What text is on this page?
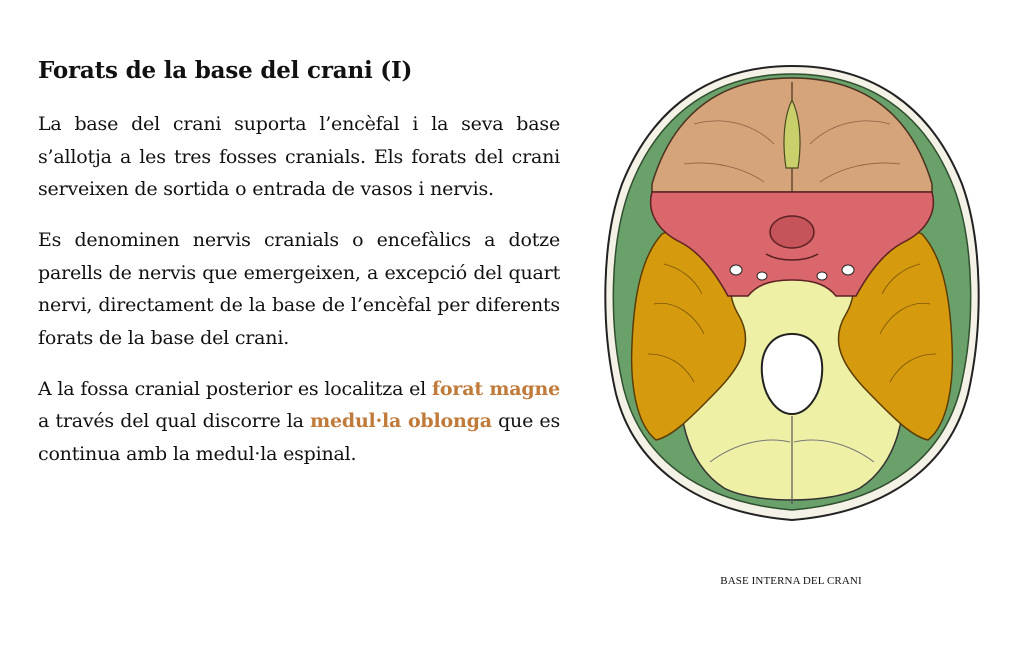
Forats de la base del crani (I)

La base del crani suporta l’encèfal i la seva base s’allotja a les tres fosses cranials. Els forats del crani serveixen de sortida o entrada de vasos i nervis.

Es denominen nervis cranials o encefàlics a dotze parells de nervis que emergeixen, a excepció del quart nervi, directament de la base de l’encèfal per diferents forats de la base del crani.

A la fossa cranial posterior es localitza el forat magne a través del qual discorre la medul·la oblonga que es continua amb la medul·la espinal.

BASE INTERNA DEL CRANI
